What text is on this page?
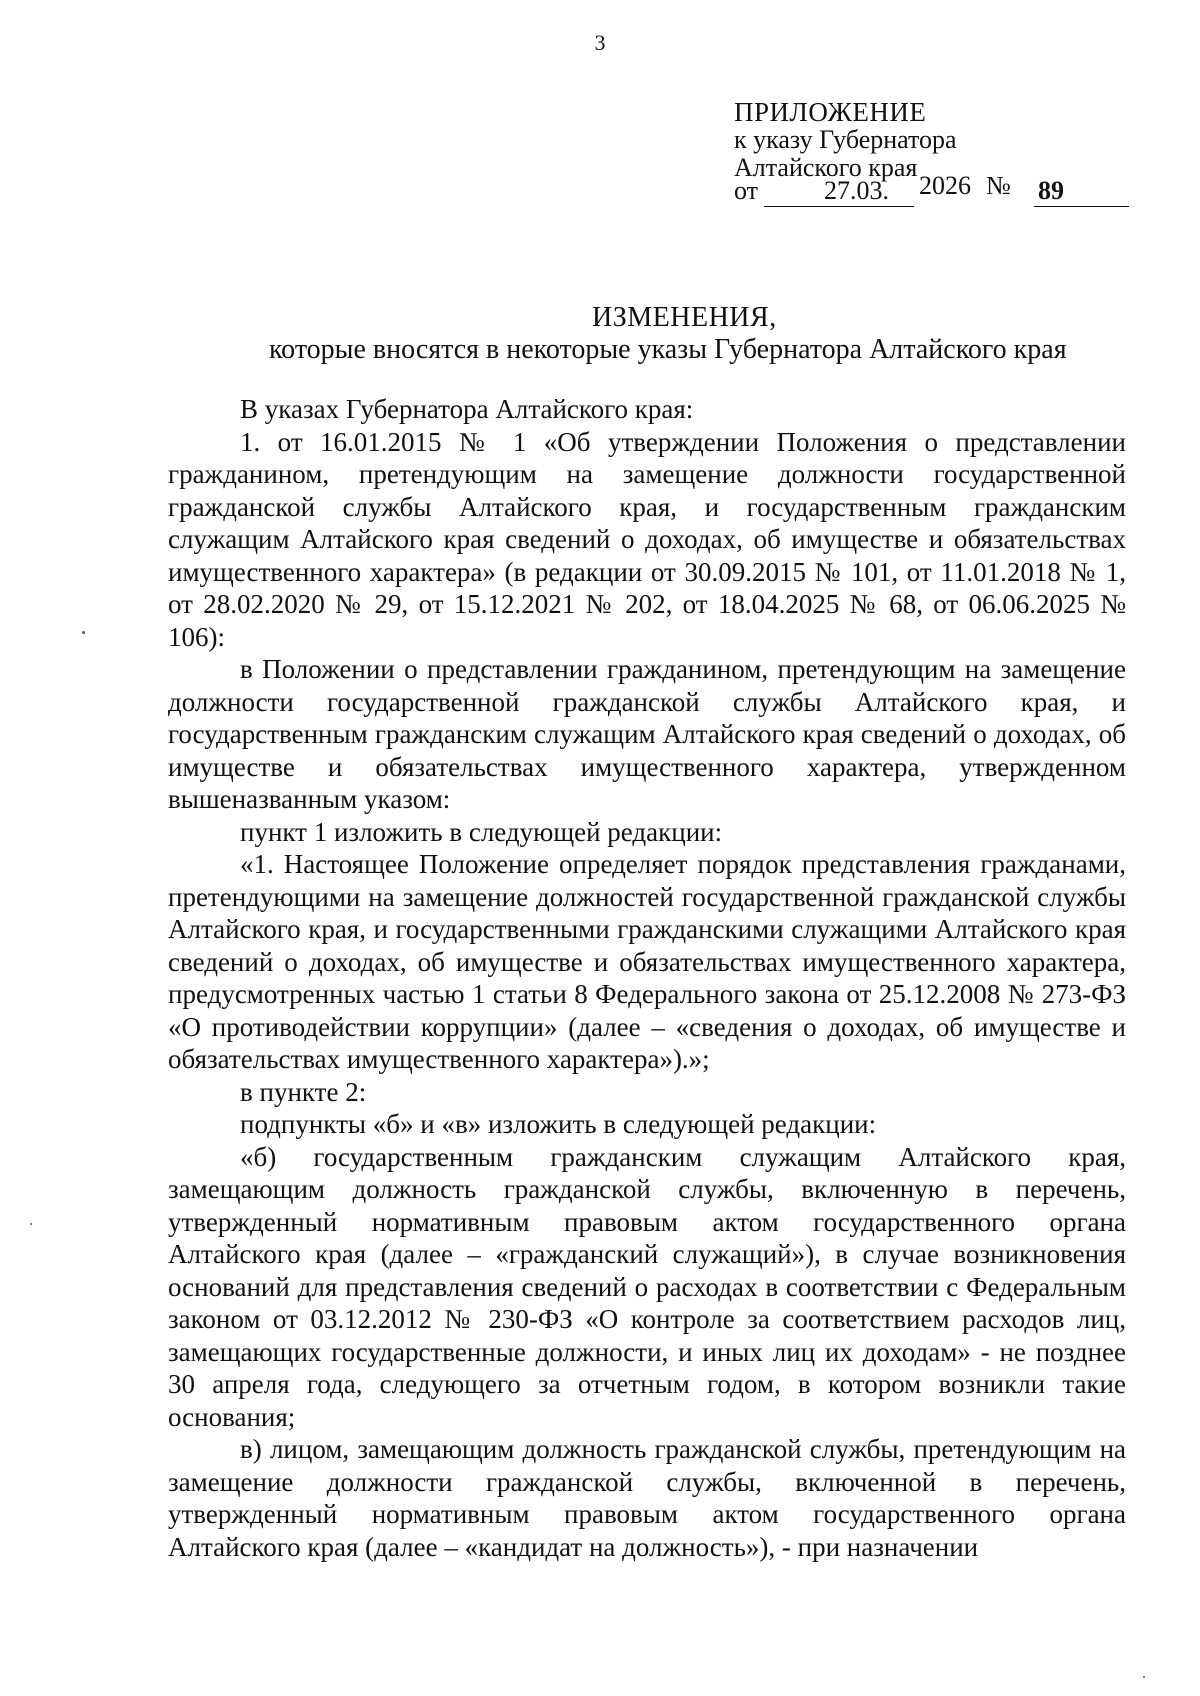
3
ПРИЛОЖЕНИЕ
к указу Губернатора
Алтайского края
от	27.03. 2026 № 89
ИЗМЕНЕНИЯ,
которые вносятся в некоторые указы Губернатора Алтайского края

В указах Губернатора Алтайского края:

1. от 16.01.2015 № 1 «Об утверждении Положения о представлении гражданином, претендующим на замещение должности государственной гражданской службы Алтайского края, и государственным гражданским служащим Алтайского края сведений о доходах, об имуществе и обязательствах имущественного характера» (в редакции от 30.09.2015 № 101, от 11.01.2018 № 1, от 28.02.2020 № 29, от 15.12.2021 № 202, от 18.04.2025 № 68, от 06.06.2025 № 106):

в Положении о представлении гражданином, претендующим на замещение должности государственной гражданской службы Алтайского края, и государственным гражданским служащим Алтайского края сведений о доходах, об имуществе и обязательствах имущественного характера, утвержденном вышеназванным указом:

пункт 1 изложить в следующей редакции:

«1. Настоящее Положение определяет порядок представления гражданами, претендующими на замещение должностей государственной гражданской службы Алтайского края, и государственными гражданскими служащими Алтайского края сведений о доходах, об имуществе и обязательствах имущественного характера, предусмотренных частью 1 статьи 8 Федерального закона от 25.12.2008 № 273-ФЗ «О противодействии коррупции» (далее – «сведения о доходах, об имуществе и обязательствах имущественного характера»).»;

в пункте 2:

подпункты «б» и «в» изложить в следующей редакции:

«б) государственным гражданским служащим Алтайского края, замещающим должность гражданской службы, включенную в перечень, утвержденный нормативным правовым актом государственного органа Алтайского края (далее – «гражданский служащий»), в случае возникновения оснований для представления сведений о расходах в соответствии с Федеральным законом от 03.12.2012 № 230-ФЗ «О контроле за соответствием расходов лиц, замещающих государственные должности, и иных лиц их доходам» - не позднее 30 апреля года, следующего за отчетным годом, в котором возникли такие основания;

в) лицом, замещающим должность гражданской службы, претендующим на замещение должности гражданской службы, включенной в перечень, утвержденный нормативным правовым актом государственного органа Алтайского края (далее – «кандидат на должность»), - при назначении
